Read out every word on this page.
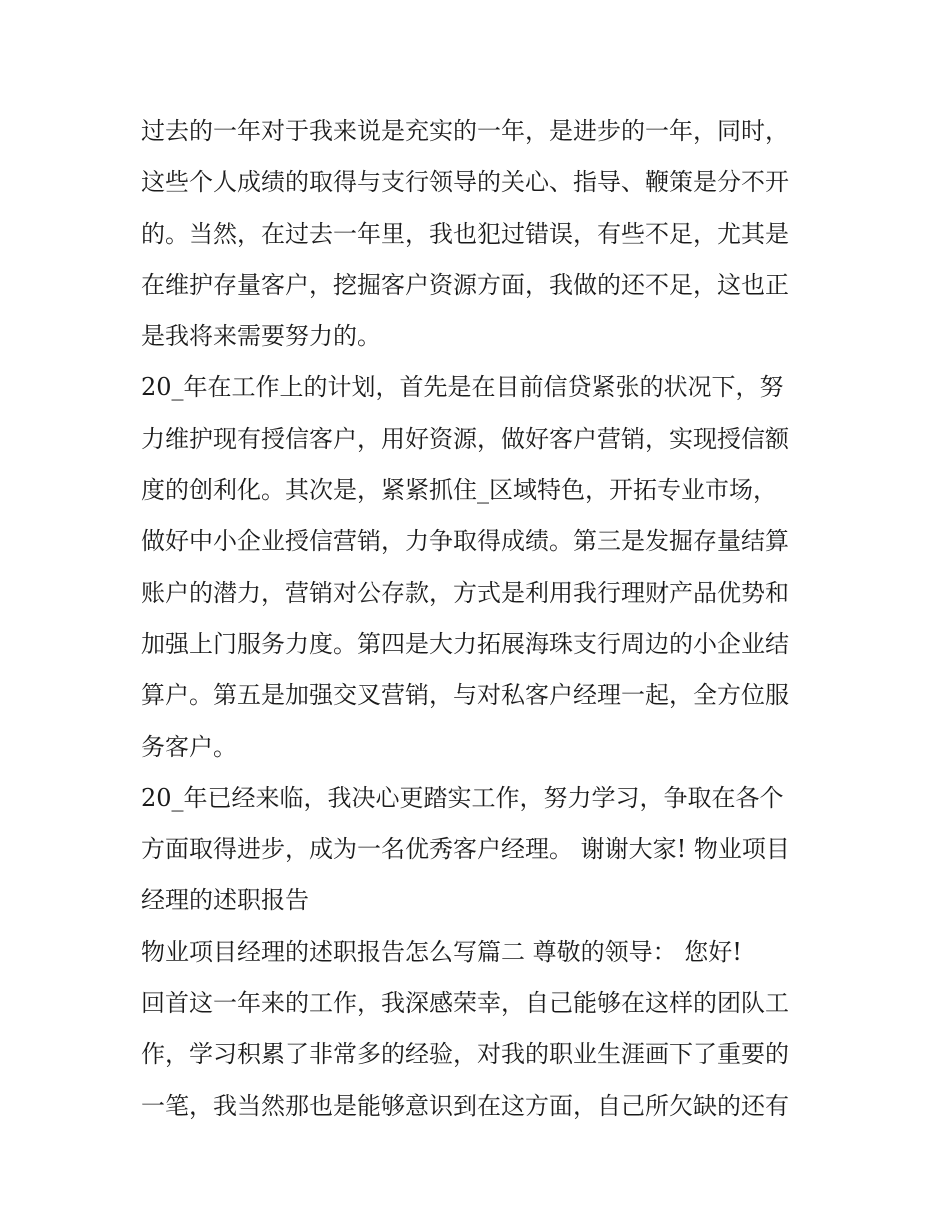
过去的一年对于我来说是充实的一年，是进步的一年，同时，
这些个人成绩的取得与支行领导的关心、指导、鞭策是分不开
的。当然，在过去一年里，我也犯过错误，有些不足，尤其是
在维护存量客户，挖掘客户资源方面，我做的还不足，这也正
是我将来需要努力的。
20_年在工作上的计划，首先是在目前信贷紧张的状况下，努
力维护现有授信客户，用好资源，做好客户营销，实现授信额
度的创利化。其次是，紧紧抓住_区域特色，开拓专业市场，
做好中小企业授信营销，力争取得成绩。第三是发掘存量结算
账户的潜力，营销对公存款，方式是利用我行理财产品优势和
加强上门服务力度。第四是大力拓展海珠支行周边的小企业结
算户。第五是加强交叉营销，与对私客户经理一起，全方位服
务客户。
20_年已经来临，我决心更踏实工作，努力学习，争取在各个
方面取得进步，成为一名优秀客户经理。 谢谢大家! 物业项目
经理的述职报告
物业项目经理的述职报告怎么写篇二 尊敬的领导： 您好!
回首这一年来的工作，我深感荣幸，自己能够在这样的团队工
作，学习积累了非常多的经验，对我的职业生涯画下了重要的
一笔，我当然那也是能够意识到在这方面，自己所欠缺的还有
